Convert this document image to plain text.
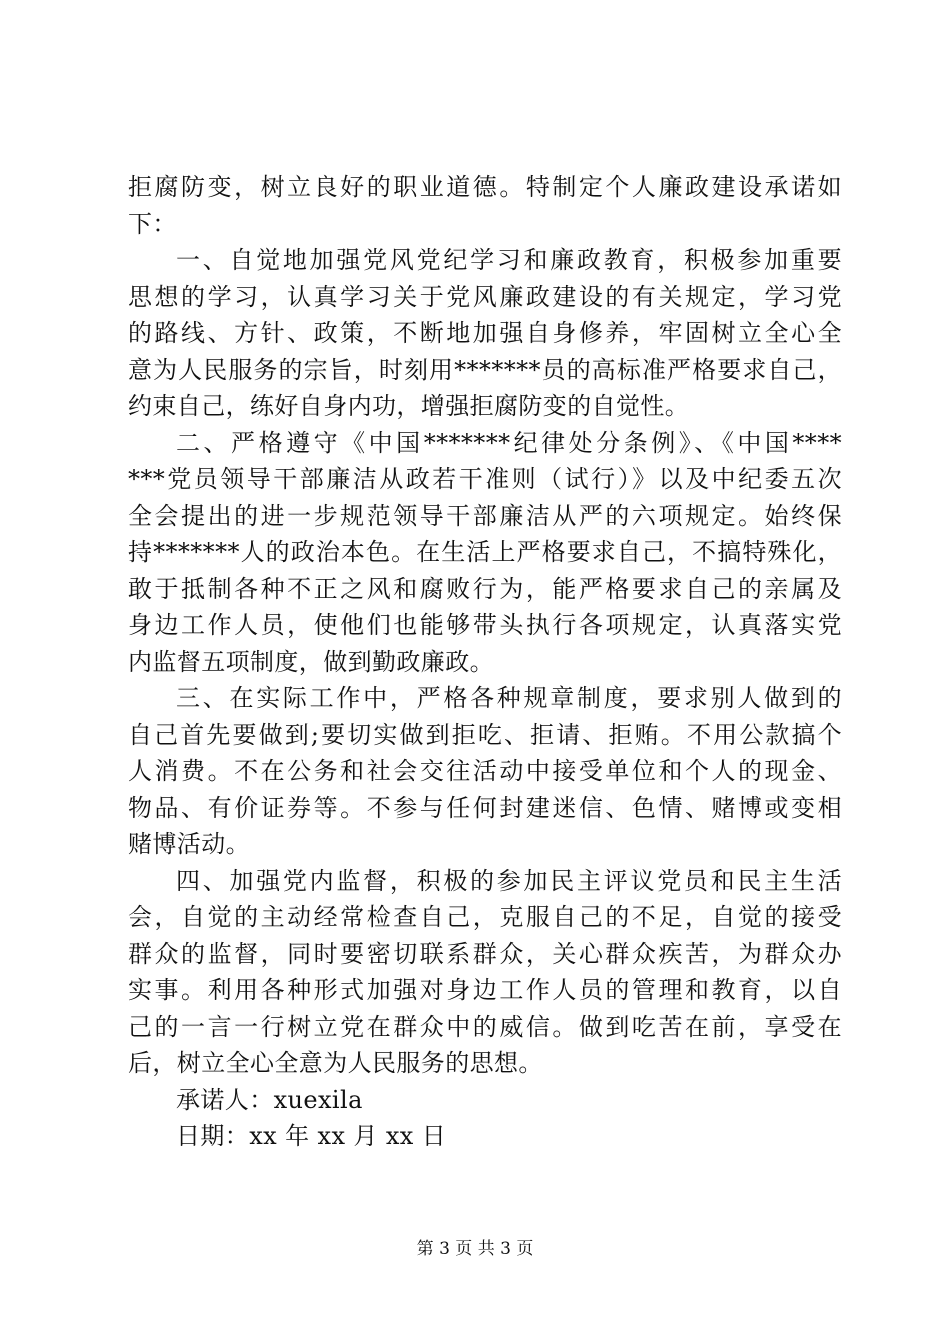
拒腐防变，树立良好的职业道德。特制定个人廉政建设承诺如
下：
一、自觉地加强党风党纪学习和廉政教育，积极参加重要
思想的学习，认真学习关于党风廉政建设的有关规定，学习党
的路线、方针、政策，不断地加强自身修养，牢固树立全心全
意为人民服务的宗旨，时刻用*******员的高标准严格要求自己，
约束自己，练好自身内功，增强拒腐防变的自觉性。
二、严格遵守《中国*******纪律处分条例》、《中国****
***党员领导干部廉洁从政若干准则（试行）》以及中纪委五次
全会提出的进一步规范领导干部廉洁从严的六项规定。始终保
持*******人的政治本色。在生活上严格要求自己，不搞特殊化，
敢于抵制各种不正之风和腐败行为，能严格要求自己的亲属及
身边工作人员，使他们也能够带头执行各项规定，认真落实党
内监督五项制度，做到勤政廉政。
三、在实际工作中，严格各种规章制度，要求别人做到的
自己首先要做到;要切实做到拒吃、拒请、拒贿。不用公款搞个
人消费。不在公务和社会交往活动中接受单位和个人的现金、
物品、有价证券等。不参与任何封建迷信、色情、赌博或变相
赌博活动。
四、加强党内监督，积极的参加民主评议党员和民主生活
会，自觉的主动经常检查自己，克服自己的不足，自觉的接受
群众的监督，同时要密切联系群众，关心群众疾苦，为群众办
实事。利用各种形式加强对身边工作人员的管理和教育，以自
己的一言一行树立党在群众中的威信。做到吃苦在前，享受在
后，树立全心全意为人民服务的思想。
承诺人：xuexila
日期：xx 年 xx 月 xx 日
第 3 页 共 3 页
